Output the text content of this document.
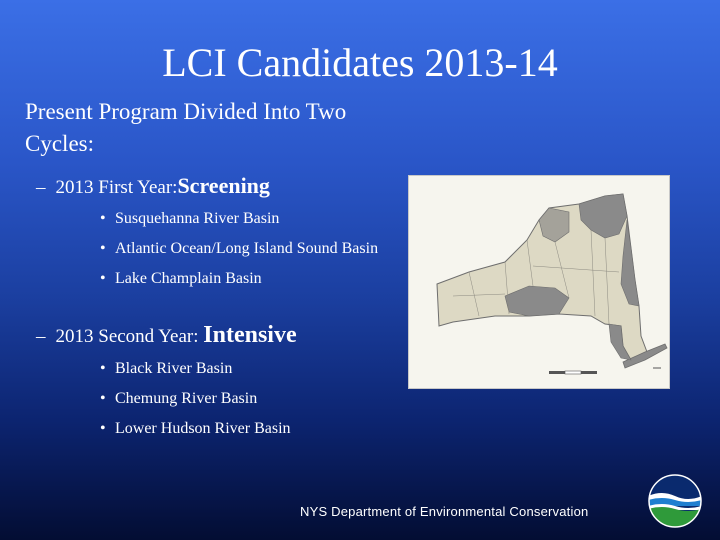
LCI Candidates 2013-14
Present Program Divided Into Two Cycles:
– 2013 First Year:Screening
• Susquehanna River Basin
• Atlantic Ocean/Long Island Sound Basin
• Lake Champlain Basin
– 2013 Second Year: Intensive
• Black River Basin
• Chemung River Basin
• Lower Hudson River Basin
NYS Department of Environmental Conservation
